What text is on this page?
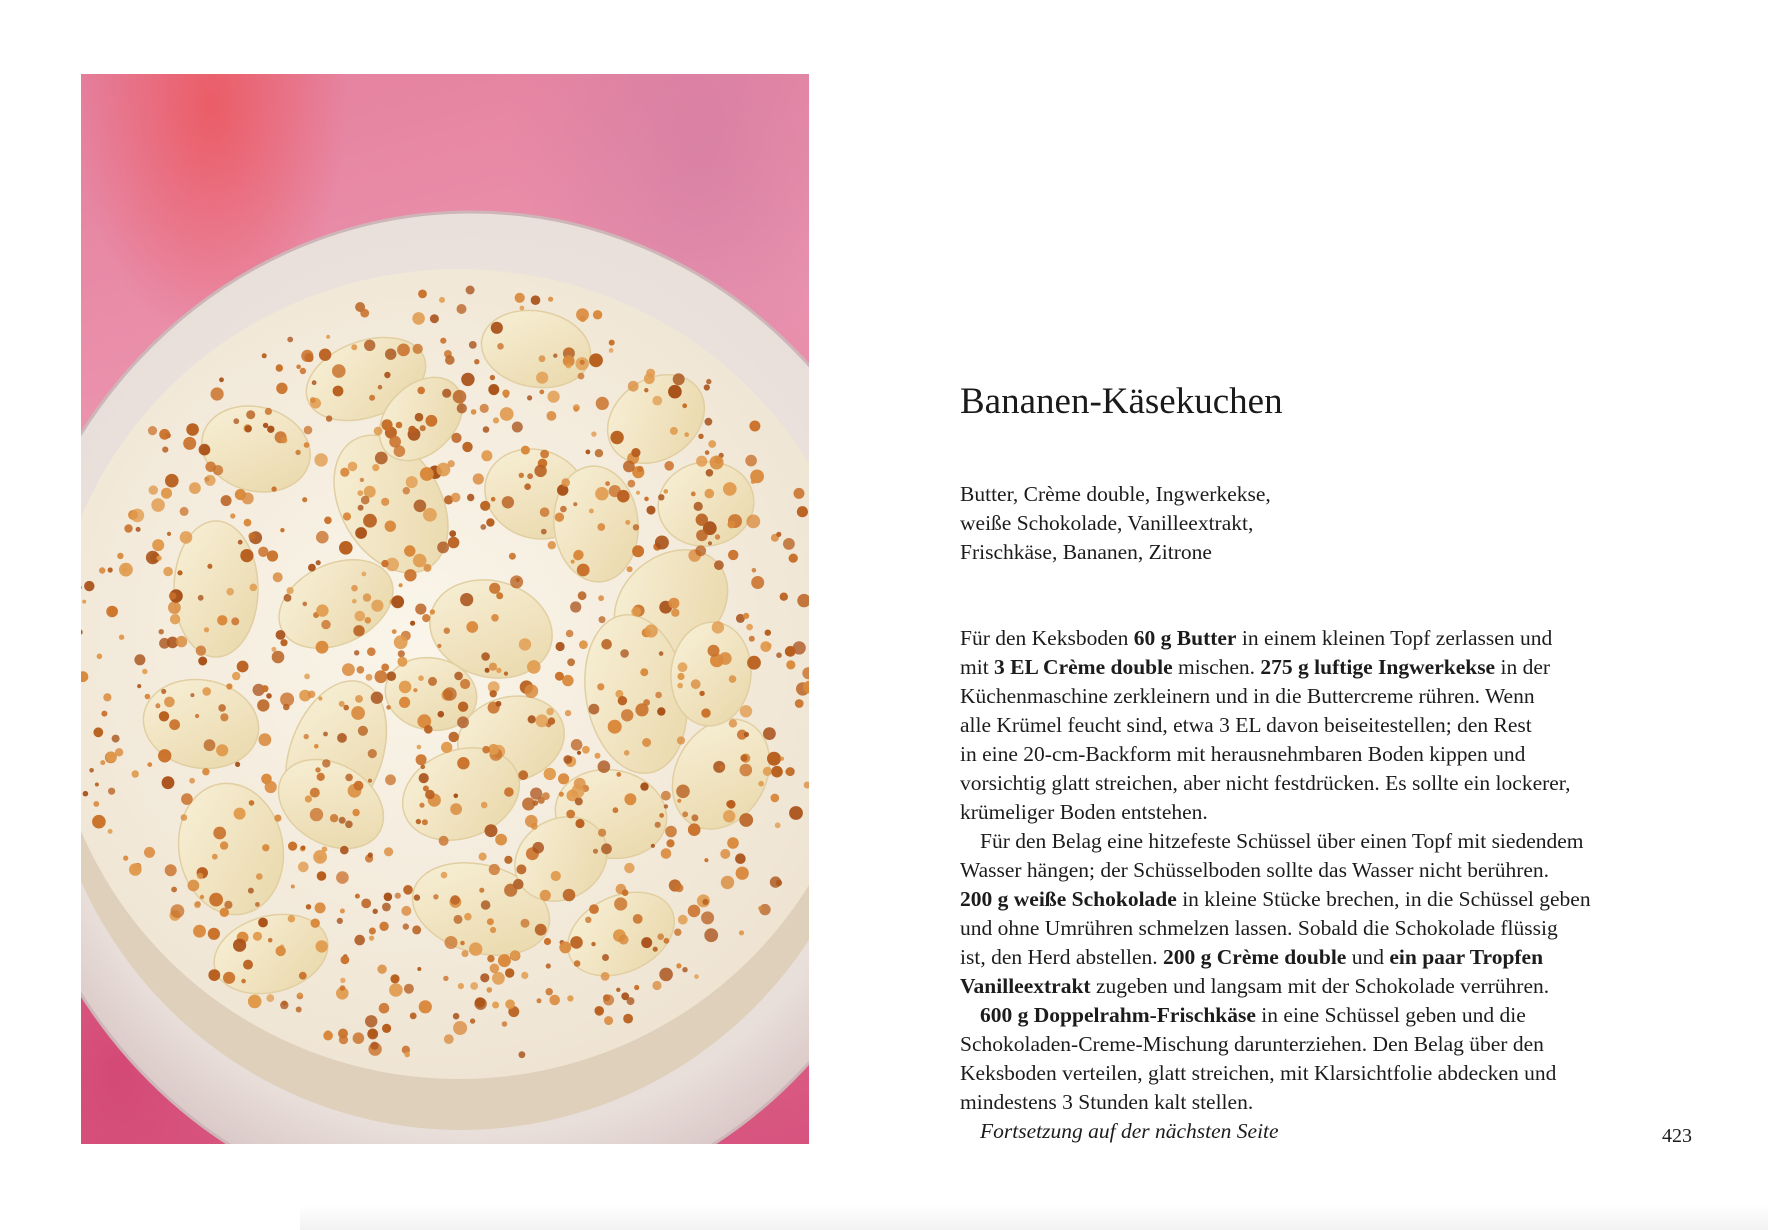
Bananen-Käsekuchen
Butter, Crème double, Ingwerkekse,
weiße Schokolade, Vanilleextrakt,
Frischkäse, Bananen, Zitrone
Für den Keksboden 60 g Butter in einem kleinen Topf zerlassen und
mit 3 EL Crème double mischen. 275 g luftige Ingwerkekse in der
Küchenmaschine zerkleinern und in die Buttercreme rühren. Wenn
alle Krümel feucht sind, etwa 3 EL davon beiseitestellen; den Rest
in eine 20-cm-Backform mit herausnehmbaren Boden kippen und
vorsichtig glatt streichen, aber nicht festdrücken. Es sollte ein lockerer,
krümeliger Boden entstehen.
Für den Belag eine hitzefeste Schüssel über einen Topf mit siedendem
Wasser hängen; der Schüsselboden sollte das Wasser nicht berühren.
200 g weiße Schokolade in kleine Stücke brechen, in die Schüssel geben
und ohne Umrühren schmelzen lassen. Sobald die Schokolade flüssig
ist, den Herd abstellen. 200 g Crème double und ein paar Tropfen
Vanilleextrakt zugeben und langsam mit der Schokolade verrühren.
600 g Doppelrahm-Frischkäse in eine Schüssel geben und die
Schokoladen-Creme-Mischung darunterziehen. Den Belag über den
Keksboden verteilen, glatt streichen, mit Klarsichtfolie abdecken und
mindestens 3 Stunden kalt stellen.
Fortsetzung auf der nächsten Seite	423
